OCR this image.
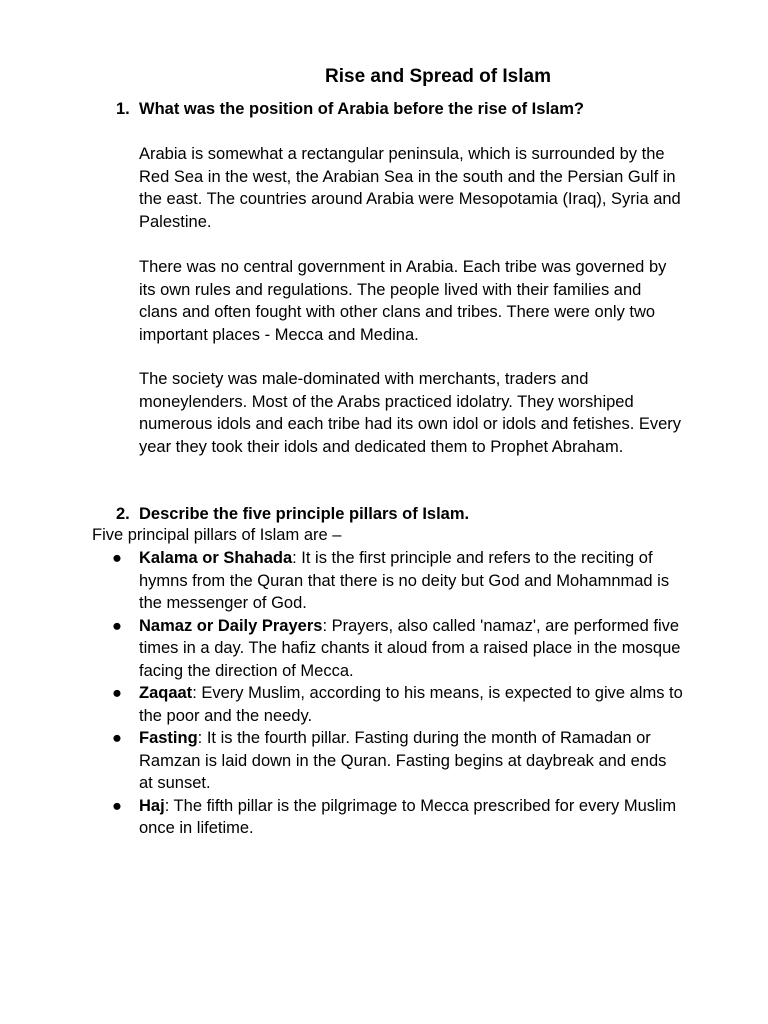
Rise and Spread of Islam
1. What was the position of Arabia before the rise of Islam?
Arabia is somewhat a rectangular peninsula, which is surrounded by the Red Sea in the west, the Arabian Sea in the south and the Persian Gulf in the east. The countries around Arabia were Mesopotamia (Iraq), Syria and Palestine.
There was no central government in Arabia. Each tribe was governed by its own rules and regulations. The people lived with their families and clans and often fought with other clans and tribes. There were only two important places - Mecca and Medina.
The society was male-dominated with merchants, traders and moneylenders. Most of the Arabs practiced idolatry. They worshiped numerous idols and each tribe had its own idol or idols and fetishes. Every year they took their idols and dedicated them to Prophet Abraham.
2. Describe the five principle pillars of Islam.
Five principal pillars of Islam are –
● Kalama or Shahada: It is the first principle and refers to the reciting of hymns from the Quran that there is no deity but God and Mohamnmad is the messenger of God.
● Namaz or Daily Prayers: Prayers, also called 'namaz', are performed five times in a day. The hafiz chants it aloud from a raised place in the mosque facing the direction of Mecca.
● Zaqaat: Every Muslim, according to his means, is expected to give alms to the poor and the needy.
● Fasting: It is the fourth pillar. Fasting during the month of Ramadan or Ramzan is laid down in the Quran. Fasting begins at daybreak and ends at sunset.
● Haj: The fifth pillar is the pilgrimage to Mecca prescribed for every Muslim once in lifetime.
